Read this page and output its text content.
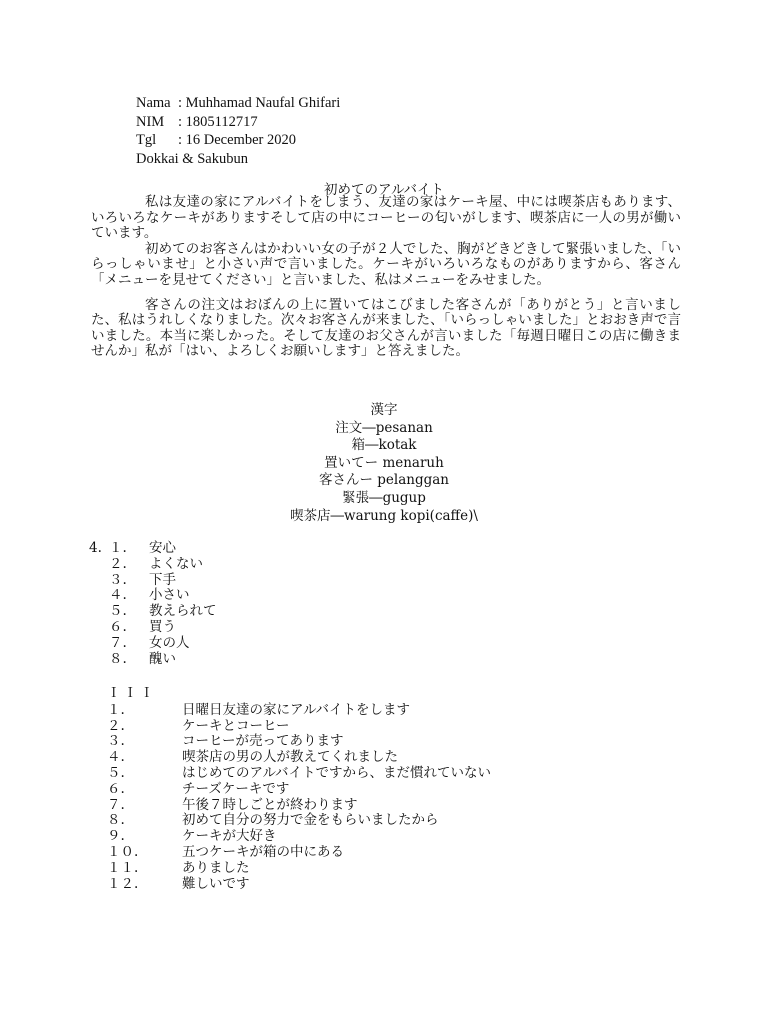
Nama : Muhhamad Naufal Ghifari
NIM : 1805112717
Tgl	: 16 December 2020
Dokkai & Sakubun
初めてのアルバイト

私は友達の家にアルバイトをしまう、友達の家はケーキ屋、中には喫茶店もあります、いろいろなケーキがありますそして店の中にコーヒーの匂いがします、喫茶店に一人の男が働いています。

初めてのお客さんはかわいい女の子が２人でした、胸がどきどきして緊張いました、「いらっしゃいませ」と小さい声で言いました。ケーキがいろいろなものがありますから、客さん「メニューを見せてください」と言いました、私はメニューをみせました。

客さんの注文はおぼんの上に置いてはこびました客さんが「ありがとう」と言いました、私はうれしくなりました。次々お客さんが来ました、「いらっしゃいました」とおおき声で言いました。本当に楽しかった。そして友達のお父さんが言いました「毎週日曜日この店に働きませんか」私が「はい、よろしくお願いします」と答えました。

漢字
注文―pesanan
箱―kotak
置いてー menaruh
客さんー pelanggan
緊張―gugup
喫茶店―warung kopi(caffe)\
4. １.	安心
２.	よくない
３.	下手
４.	小さい
５.	教えられて
６.	買う
７.	女の人
８.	醜い
ＩＩＩ
１.	日曜日友達の家にアルバイトをします
２.	ケーキとコーヒー
３.	コーヒーが売ってあります
４.	喫茶店の男の人が教えてくれました
５.	はじめてのアルバイトですから、まだ慣れていない
６.	チーズケーキです
７.	午後７時しごとが終わります
８.	初めて自分の努力で金をもらいましたから
９.	ケーキが大好き
１０.	五つケーキが箱の中にある
１１.	ありました
１２.	難しいです
